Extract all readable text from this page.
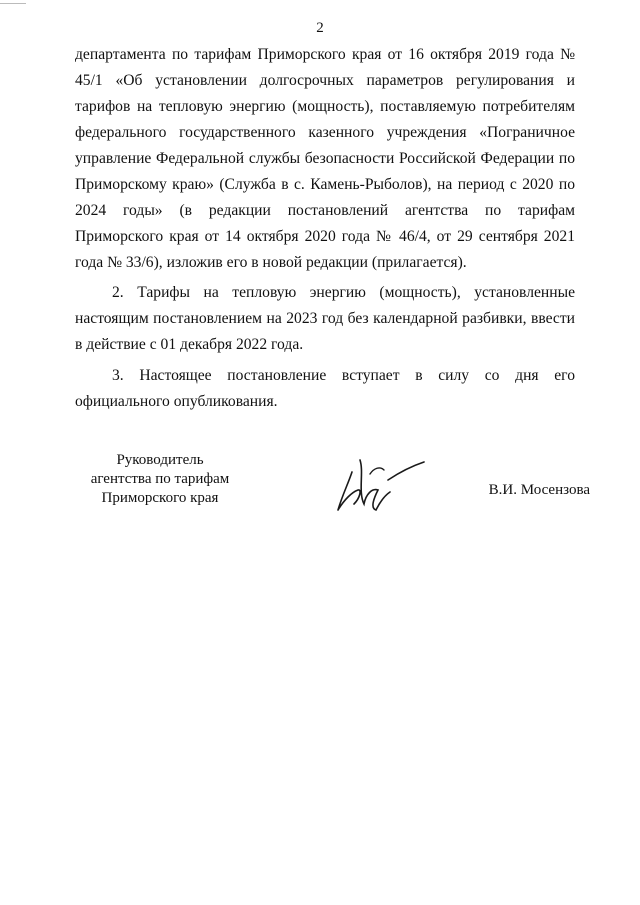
2
департамента по тарифам Приморского края от 16 октября 2019 года № 45/1 «Об установлении долгосрочных параметров регулирования и тарифов на тепловую энергию (мощность), поставляемую потребителям федерального государственного казенного учреждения «Пограничное управление Федеральной службы безопасности Российской Федерации по Приморскому краю» (Служба в с. Камень-Рыболов), на период с 2020 по 2024 годы» (в редакции постановлений агентства по тарифам Приморского края от 14 октября 2020 года № 46/4, от 29 сентября 2021 года № 33/6), изложив его в новой редакции (прилагается).
2. Тарифы на тепловую энергию (мощность), установленные настоящим постановлением на 2023 год без календарной разбивки, ввести в действие с 01 декабря 2022 года.
3. Настоящее постановление вступает в силу со дня его официального опубликования.
Руководитель
агентства по тарифам
Приморского края	В.И. Мосензова
